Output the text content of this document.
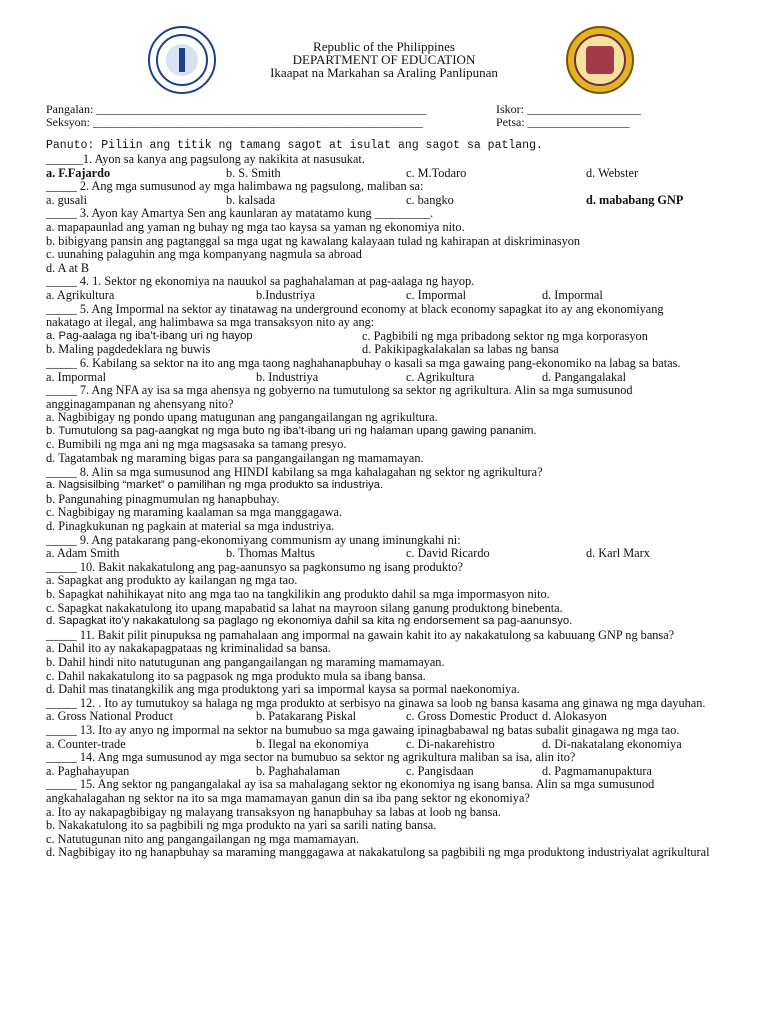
Republic of the Philippines
DEPARTMENT OF EDUCATION
Ikaapat na Markahan sa Araling Panlipunan
Pangalan: _______________________________________________________
Seksyon: _______________________________________________________
Iskor: ___________________
Petsa: _________________
Panuto: Piliin ang titik ng tamang sagot at isulat ang sagot sa patlang.
______1. Ayon sa kanya ang pagsulong ay nakikita at nasusukat.
a. F.Fajardo	b. S. Smith	c. M.Todaro	d. Webster
_____ 2. Ang mga sumusunod ay mga halimbawa ng pagsulong, maliban sa:
a. gusali	b. kalsada	c. bangko	d. mababang GNP
_____ 3. Ayon kay Amartya Sen ang kaunlaran ay matatamo kung _________.
a. mapapaunlad ang yaman ng buhay ng mga tao kaysa sa yaman ng ekonomiya nito.
b. bibigyang pansin ang pagtanggal sa mga ugat ng kawalang kalayaan tulad ng kahirapan at diskriminasyon
c. uunahing palaguhin ang mga kompanyang nagmula sa abroad
d. A at B
_____ 4. 1. Sektor ng ekonomiya na nauukol sa paghahalaman at pag-aalaga ng hayop.
a. Agrikultura	b.Industriya	c. Impormal	d. Impormal
_____ 5. Ang Impormal na sektor ay tinatawag na underground economy at black economy sapagkat ito ay ang ekonomiyang nakatago at ilegal, ang halimbawa sa mga transaksyon nito ay ang:
a. Pag-aalaga ng iba’t-ibang uri ng hayop	c. Pagbibili ng mga pribadong sektor ng mga korporasyon
b. Maling pagdedeklara ng buwis	d. Pakikipagkalakalan sa labas ng bansa
_____ 6. Kabilang sa sektor na ito ang mga taong naghahanapbuhay o kasali sa mga gawaing pang-ekonomiko na labag sa batas.
a. Impormal	b. Industriya	c. Agrikultura	d. Pangangalakal
_____ 7. Ang NFA ay isa sa mga ahensya ng gobyerno na tumutulong sa sektor ng agrikultura. Alin sa mga sumusunod angginagampanan ng ahensyang nito?
a. Nagbibigay ng pondo upang matugunan ang pangangailangan ng agrikultura.
b. Tumutulong sa pag-aangkat ng mga buto ng iba’t-ibang uri ng halaman upang gawing pananim.
c. Bumibili ng mga ani ng mga magsasaka sa tamang presyo.
d. Tagatambak ng maraming bigas para sa pangangailangan ng mamamayan.
_____ 8. Alin sa mga sumusunod ang HINDI kabilang sa mga kahalagahan ng sektor ng agrikultura?
a. Nagsisilbing “market” o pamilihan ng mga produkto sa industriya.
b. Pangunahing pinagmumulan ng hanapbuhay.
c. Nagbibigay ng maraming kaalaman sa mga manggagawa.
d. Pinagkukunan ng pagkain at material sa mga industriya.
_____ 9. Ang patakarang pang-ekonomiyang communism ay unang iminungkahi ni:
a. Adam Smith	b. Thomas Maltus	c. David Ricardo	d. Karl Marx
_____ 10. Bakit nakakatulong ang pag-aanunsyo sa pagkonsumo ng isang produkto?
a. Sapagkat ang produkto ay kailangan ng mga tao.
b. Sapagkat nahihikayat nito ang mga tao na tangkilikin ang produkto dahil sa mga impormasyon nito.
c. Sapagkat nakakatulong ito upang mapabatid sa lahat na mayroon silang ganung produktong binebenta.
d. Sapagkat ito’y nakakatulong sa paglago ng ekonomiya dahil sa kita ng endorsement sa pag-aanunsyo.
_____ 11. Bakit pilit pinupuksa ng pamahalaan ang impormal na gawain kahit ito ay nakakatulong sa kabuuang GNP ng bansa?
a. Dahil ito ay nakakapagpataas ng kriminalidad sa bansa.
b. Dahil hindi nito natutugunan ang pangangailangan ng maraming mamamayan.
c. Dahil nakakatulong ito sa pagpasok ng mga produkto mula sa ibang bansa.
d. Dahil mas tinatangkilik ang mga produktong yari sa impormal kaysa sa pormal naekonomiya.
_____ 12. . Ito ay tumutukoy sa halaga ng mga produkto at serbisyo na ginawa sa loob ng bansa kasama ang ginawa ng mga dayuhan.
a. Gross National Product	b. Patakarang Piskal	c. Gross Domestic Product d. Alokasyon
_____ 13. Ito ay anyo ng impormal na sektor na bumubuo sa mga gawaing ipinagbabawal ng batas subalit ginagawa ng mga tao.
a. Counter-trade	b. Ilegal na ekonomiya	c. Di-nakarehistro	d. Di-nakatalang ekonomiya
_____ 14. Ang mga sumusunod ay mga sector na bumubuo sa sektor ng agrikultura maliban sa isa, alin ito?
a. Paghahayupan	b. Paghahalaman	c. Pangisdaan	d. Pagmamanupaktura
_____ 15. Ang sektor ng pangangalakal ay isa sa mahalagang sektor ng ekonomiya ng isang bansa. Alin sa mga sumusunod angkahalagahan ng sektor na ito sa mga mamamayan ganun din sa iba pang sektor ng ekonomiya?
a. Ito ay nakapagbibigay ng malayang transaksyon ng hanapbuhay sa labas at loob ng bansa.
b. Nakakatulong ito sa pagbibili ng mga produkto na yari sa sarili nating bansa.
c. Natutugunan nito ang pangangailangan ng mga mamamayan.
d. Nagbibigay ito ng hanapbuhay sa maraming manggagawa at nakakatulong sa pagbibili ng mga produktong industriyalat agrikultural
